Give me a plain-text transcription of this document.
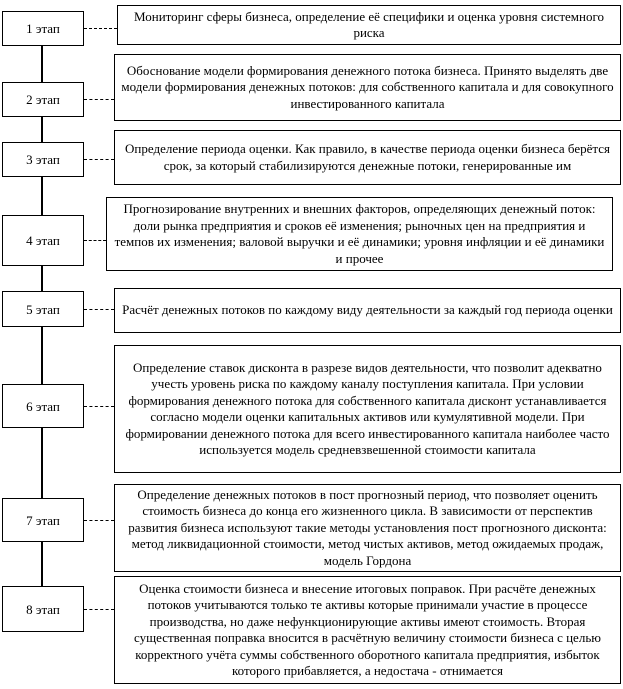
1 этап
Мониторинг сферы бизнеса, определение её специфики и оценка уровня системного риска
2 этап
Обоснование модели формирования денежного потока бизнеса. Принято выделять две модели формирования денежных потоков: для собственного капитала и для совокупного инвестированного капитала
3 этап
Определение периода оценки. Как правило, в качестве периода оценки бизнеса берётся срок, за который стабилизируются денежные потоки, генерированные им
4 этап
Прогнозирование внутренних и внешних факторов, определяющих денежный поток: доли рынка предприятия и сроков её изменения; рыночных цен на предприятия и темпов их изменения; валовой выручки и её динамики; уровня инфляции и её динамики и прочее
5 этап	Расчёт денежных потоков по каждому виду деятельности за каждый год периода оценки
6 этап
Определение ставок дисконта в разрезе видов деятельности, что позволит адекватно учесть уровень риска по каждому каналу поступления капитала. При условии формирования денежного потока для собственного капитала дисконт устанавливается согласно модели оценки капитальных активов или кумулятивной модели. При формировании денежного потока для всего инвестированного капитала наиболее часто используется модель средневзвешенной стоимости капитала
7 этап
Определение денежных потоков в пост прогнозный период, что позволяет оценить стоимость бизнеса до конца его жизненного цикла. В зависимости от перспектив развития бизнеса используют такие методы установления пост прогнозного дисконта: метод ликвидационной стоимости, метод чистых активов, метод ожидаемых продаж, модель Гордона
8 этап
Оценка стоимости бизнеса и внесение итоговых поправок. При расчёте денежных потоков учитываются только те активы которые принимали участие в процессе производства, но даже нефункционирующие активы имеют стоимость. Вторая существенная поправка вносится в расчётную величину стоимости бизнеса с целью корректного учёта суммы собственного оборотного капитала предприятия, избыток которого прибавляется, а недостача - отнимается
